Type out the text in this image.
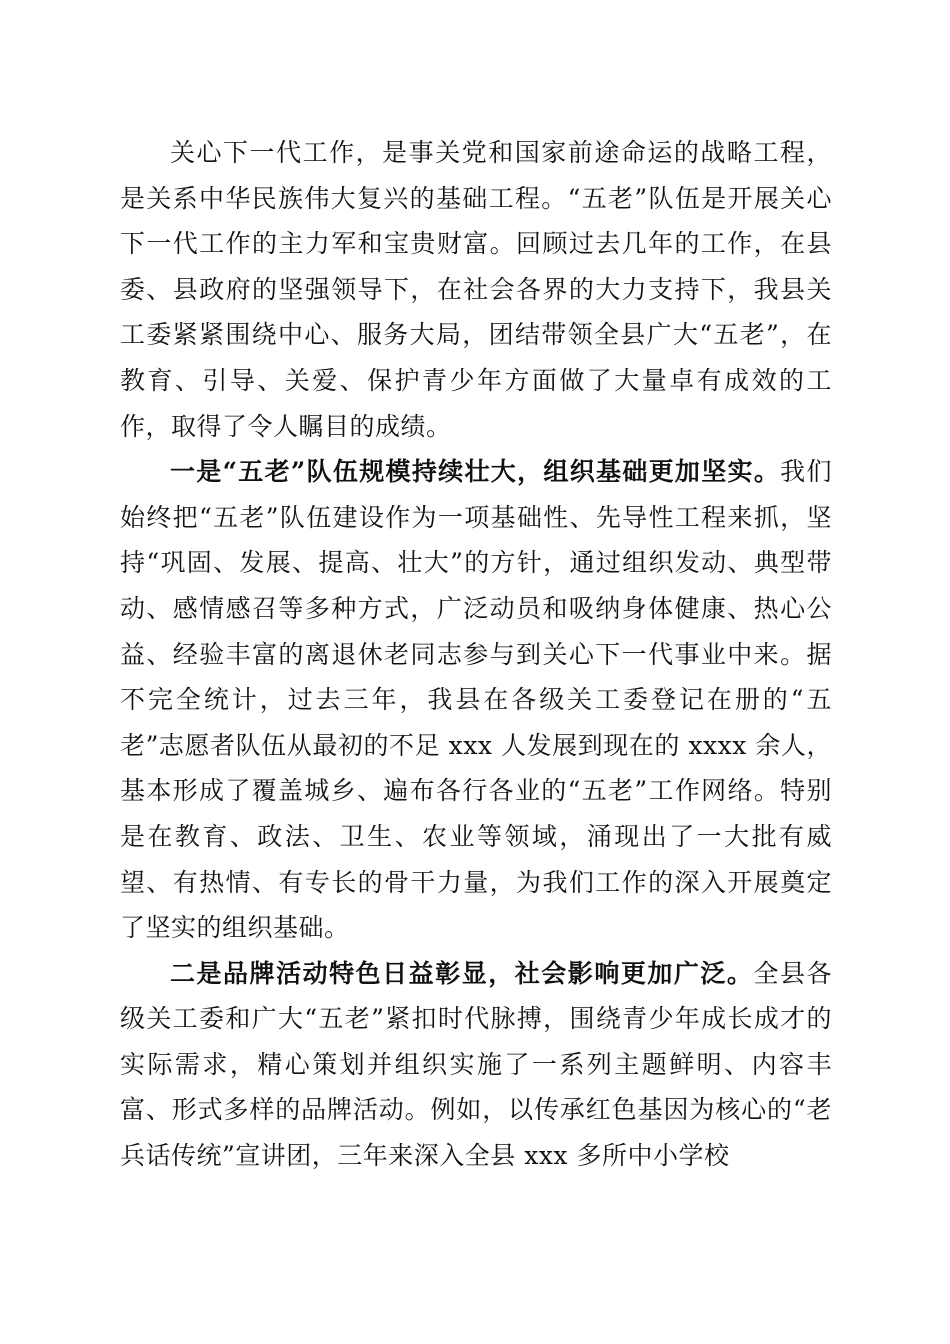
关心下一代工作，是事关党和国家前途命运的战略工程，是关系中华民族伟大复兴的基础工程。“五老”队伍是开展关心下一代工作的主力军和宝贵财富。回顾过去几年的工作，在县委、县政府的坚强领导下，在社会各界的大力支持下，我县关工委紧紧围绕中心、服务大局，团结带领全县广大“五老”，在教育、引导、关爱、保护青少年方面做了大量卓有成效的工作，取得了令人瞩目的成绩。

一是“五老”队伍规模持续壮大，组织基础更加坚实。我们始终把“五老”队伍建设作为一项基础性、先导性工程来抓，坚持“巩固、发展、提高、壮大”的方针，通过组织发动、典型带动、感情感召等多种方式，广泛动员和吸纳身体健康、热心公益、经验丰富的离退休老同志参与到关心下一代事业中来。据不完全统计，过去三年，我县在各级关工委登记在册的“五老”志愿者队伍从最初的不足 xxx 人发展到现在的 xxxx 余人，基本形成了覆盖城乡、遍布各行各业的“五老”工作网络。特别是在教育、政法、卫生、农业等领域，涌现出了一大批有威望、有热情、有专长的骨干力量，为我们工作的深入开展奠定了坚实的组织基础。

二是品牌活动特色日益彰显，社会影响更加广泛。全县各级关工委和广大“五老”紧扣时代脉搏，围绕青少年成长成才的实际需求，精心策划并组织实施了一系列主题鲜明、内容丰富、形式多样的品牌活动。例如，以传承红色基因为核心的“老兵话传统”宣讲团，三年来深入全县 xxx 多所中小学校
